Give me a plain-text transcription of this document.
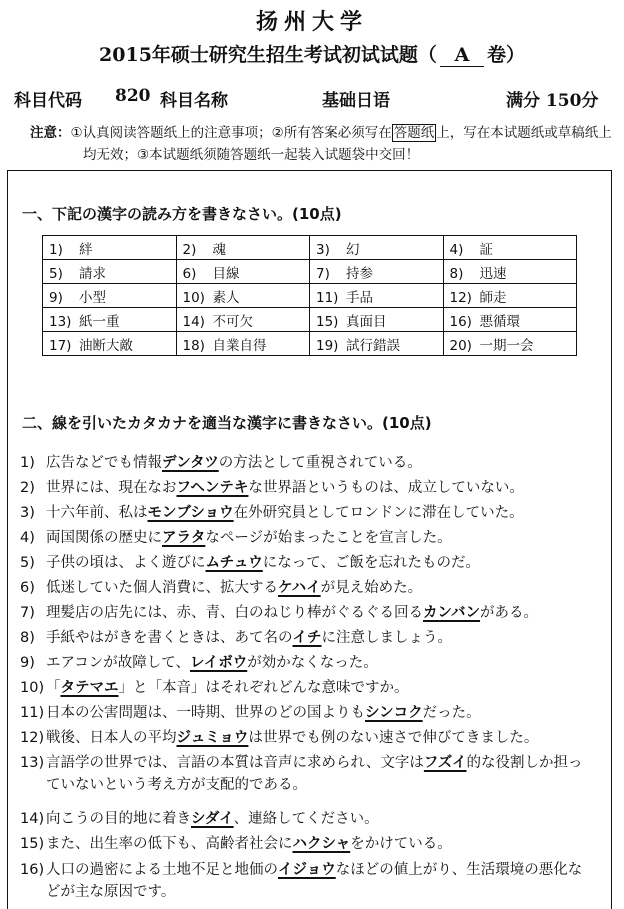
扬州大学
2015年硕士研究生招生考试初试试题（ A 卷）
科目代码 820 科目名称	基础日语	满分 150分
注意：①认真阅读答题纸上的注意事项；②所有答案必须写在 答题纸 上，写在本试题纸或草稿纸上
均无效；③本试题纸须随答题纸一起装入试题袋中交回！
一、下記の漢字の読み方を書きなさい。(10点)
1) 絆	2) 魂	3) 幻	4) 証
5) 請求	6) 目線	7) 持参	8) 迅速
9) 小型	10) 素人	11) 手品	12) 師走
13) 紙一重	14) 不可欠	15) 真面目	16) 悪循環
17) 油断大敵	18) 自業自得	19) 試行錯誤	20) 一期一会
二、線を引いたカタカナを適当な漢字に書きなさい。(10点)
1) 広告などでも情報デンタツの方法として重視されている。
2) 世界には、現在なおフヘンテキな世界語というものは、成立していない。
3) 十六年前、私はモンブショウ在外研究員としてロンドンに滞在していた。
4) 両国関係の歴史にアラタなページが始まったことを宣言した。
5) 子供の頃は、よく遊びにムチュウになって、ご飯を忘れたものだ。
6) 低迷していた個人消費に、拡大するケハイが見え始めた。
7) 理髪店の店先には、赤、青、白のねじり棒がぐるぐる回るカンバンがある。
8) 手紙やはがきを書くときは、あて名のイチに注意しましょう。
9) エアコンが故障して、レイボウが効かなくなった。
10) 「タテマエ」と「本音」はそれぞれどんな意味ですか。
11) 日本の公害問題は、一時期、世界のどの国よりもシンコクだった。
12) 戦後、日本人の平均ジュミョウは世界でも例のない速さで伸びてきました。
13) 言語学の世界では、言語の本質は音声に求められ、文字はフズイ的な役割しか担っ
ていないという考え方が支配的である。
14) 向こうの目的地に着きシダイ、連絡してください。
15) また、出生率の低下も、高齢者社会にハクシャをかけている。
16) 人口の過密による土地不足と地価のイジョウなほどの値上がり、生活環境の悪化な
どが主な原因です。
